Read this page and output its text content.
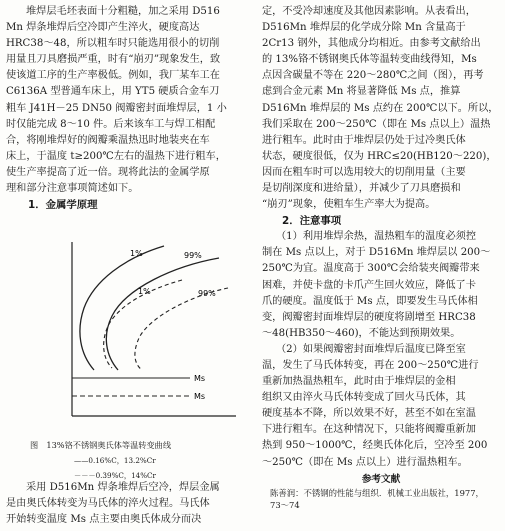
堆焊层毛坯表面十分粗糙，加之采用 D516

Mn 焊条堆焊后空冷即产生淬火，硬度高达

HRC38～48，所以粗车时只能选用很小的切削

用量且刀具磨损严重，时有“崩刃”现象发生，致

使该道工序的生产率极低。例如，我厂某车工在

C6136A 型普通车床上，用 YT5 硬质合金车刀

粗车 J41H－25 DN50 阀瓣密封面堆焊层，1 小

时仅能完成 8～10 件。后来该车工与焊工相配

合，将刚堆焊好的阀瓣乘温热迅时地装夹在车

床上，于温度 t≥200℃左右的温热下进行粗车，

使生产率提高了近一倍。现将此法的金属学原

理和部分注意事项简述如下。

1．金属学原理

1%	99%
1%	99%
Ms
Ms

图　13%铬不锈钢奥氏体等温转变曲线

——0.16%C，13.2%Cr

－－－0.39%C，14%Cr

采用 D516Mn 焊条堆焊后空冷，焊层金属

是由奥氏体转变为马氏体的淬火过程。马氏体

开始转变温度 Ms 点主要由奥氏体成分而决

定，不受冷却速度及其他因素影响。从表看出，

D516Mn 堆焊层的化学成分除 Mn 含量高于

2Cr13 钢外，其他成分均相近。由参考文献给出

的 13%铬不锈钢奥氏体等温转变曲线得知，Ms

点因含碳量不等在 220～280℃之间（图），再考

虑到合金元素 Mn 将显著降低 Ms 点，推算

D516Mn 堆焊层的 Ms 点约在 200℃以下。所以，

我们采取在 200～250℃（即在 Ms 点以上）温热

进行粗车。此时由于堆焊层仍处于过冷奥氏体

状态，硬度很低，仅为 HRC≤20(HB120～220)，

因而在粗车时可以选用较大的切削用量（主要

是切削深度和进给量），并减少了刀具磨损和

“崩刃”现象，使粗车生产率大为提高。

2．注意事项

（1）利用堆焊余热，温热粗车的温度必须控

制在 Ms 点以上，对于 D516Mn 堆焊层以 200～

250℃为宜。温度高于 300℃会给装夹阀瓣带来

困难，并使卡盘的卡爪产生回火效应，降低了卡

爪的硬度。温度低于 Ms 点，即要发生马氏体相

变，阀瓣密封面堆焊层的硬度将剧增至 HRC38

～48(HB350～460)，不能达到预期效果。

（2）如果阀瓣密封面堆焊后温度已降至室

温，发生了马氏体转变，再在 200～250℃进行

重新加热温热粗车，此时由于堆焊层的金相

组织又由淬火马氏体转变成了回火马氏体，其

硬度基本不降，所以效果不好，甚至不如在室温

下进行粗车。在这种情况下，只能将阀瓣重新加

热到 950～1000℃，经奥氏体化后，空冷至 200

～250℃（即在 Ms 点以上）进行温热粗车。

参考文献

陈善润：不锈钢的性能与组织．机械工业出版社，1977，

73～74
